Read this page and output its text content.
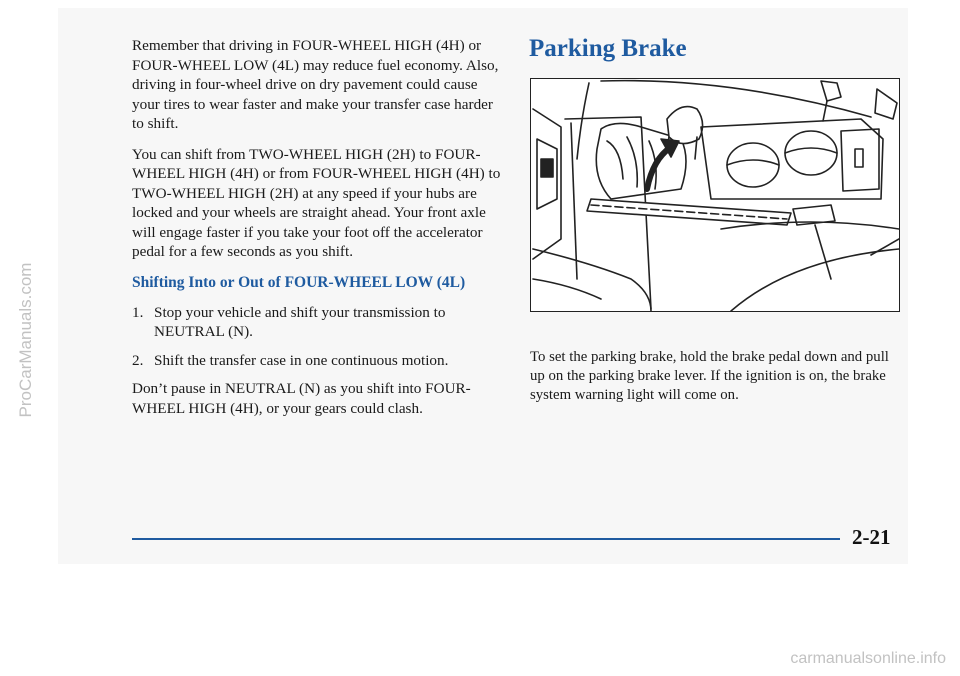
ProCarManuals.com
carmanualsonline.info

Remember that driving in FOUR-WHEEL HIGH (4H) or FOUR-WHEEL LOW (4L) may reduce fuel economy. Also, driving in four-wheel drive on dry pavement could cause your tires to wear faster and make your transfer case harder to shift.

You can shift from TWO-WHEEL HIGH (2H) to FOUR-WHEEL HIGH (4H) or from FOUR-WHEEL HIGH (4H) to TWO-WHEEL HIGH (2H) at any speed if your hubs are locked and your wheels are straight ahead. Your front axle will engage faster if you take your foot off the accelerator pedal for a few seconds as you shift.

Shifting Into or Out of FOUR-WHEEL LOW (4L)
1. Stop your vehicle and shift your transmission to NEUTRAL (N).
2. Shift the transfer case in one continuous motion.

Don’t pause in NEUTRAL (N) as you shift into FOUR-WHEEL HIGH (4H), or your gears could clash.

Parking Brake

To set the parking brake, hold the brake pedal down and pull up on the parking brake lever. If the ignition is on, the brake system warning light will come on.

2-21
